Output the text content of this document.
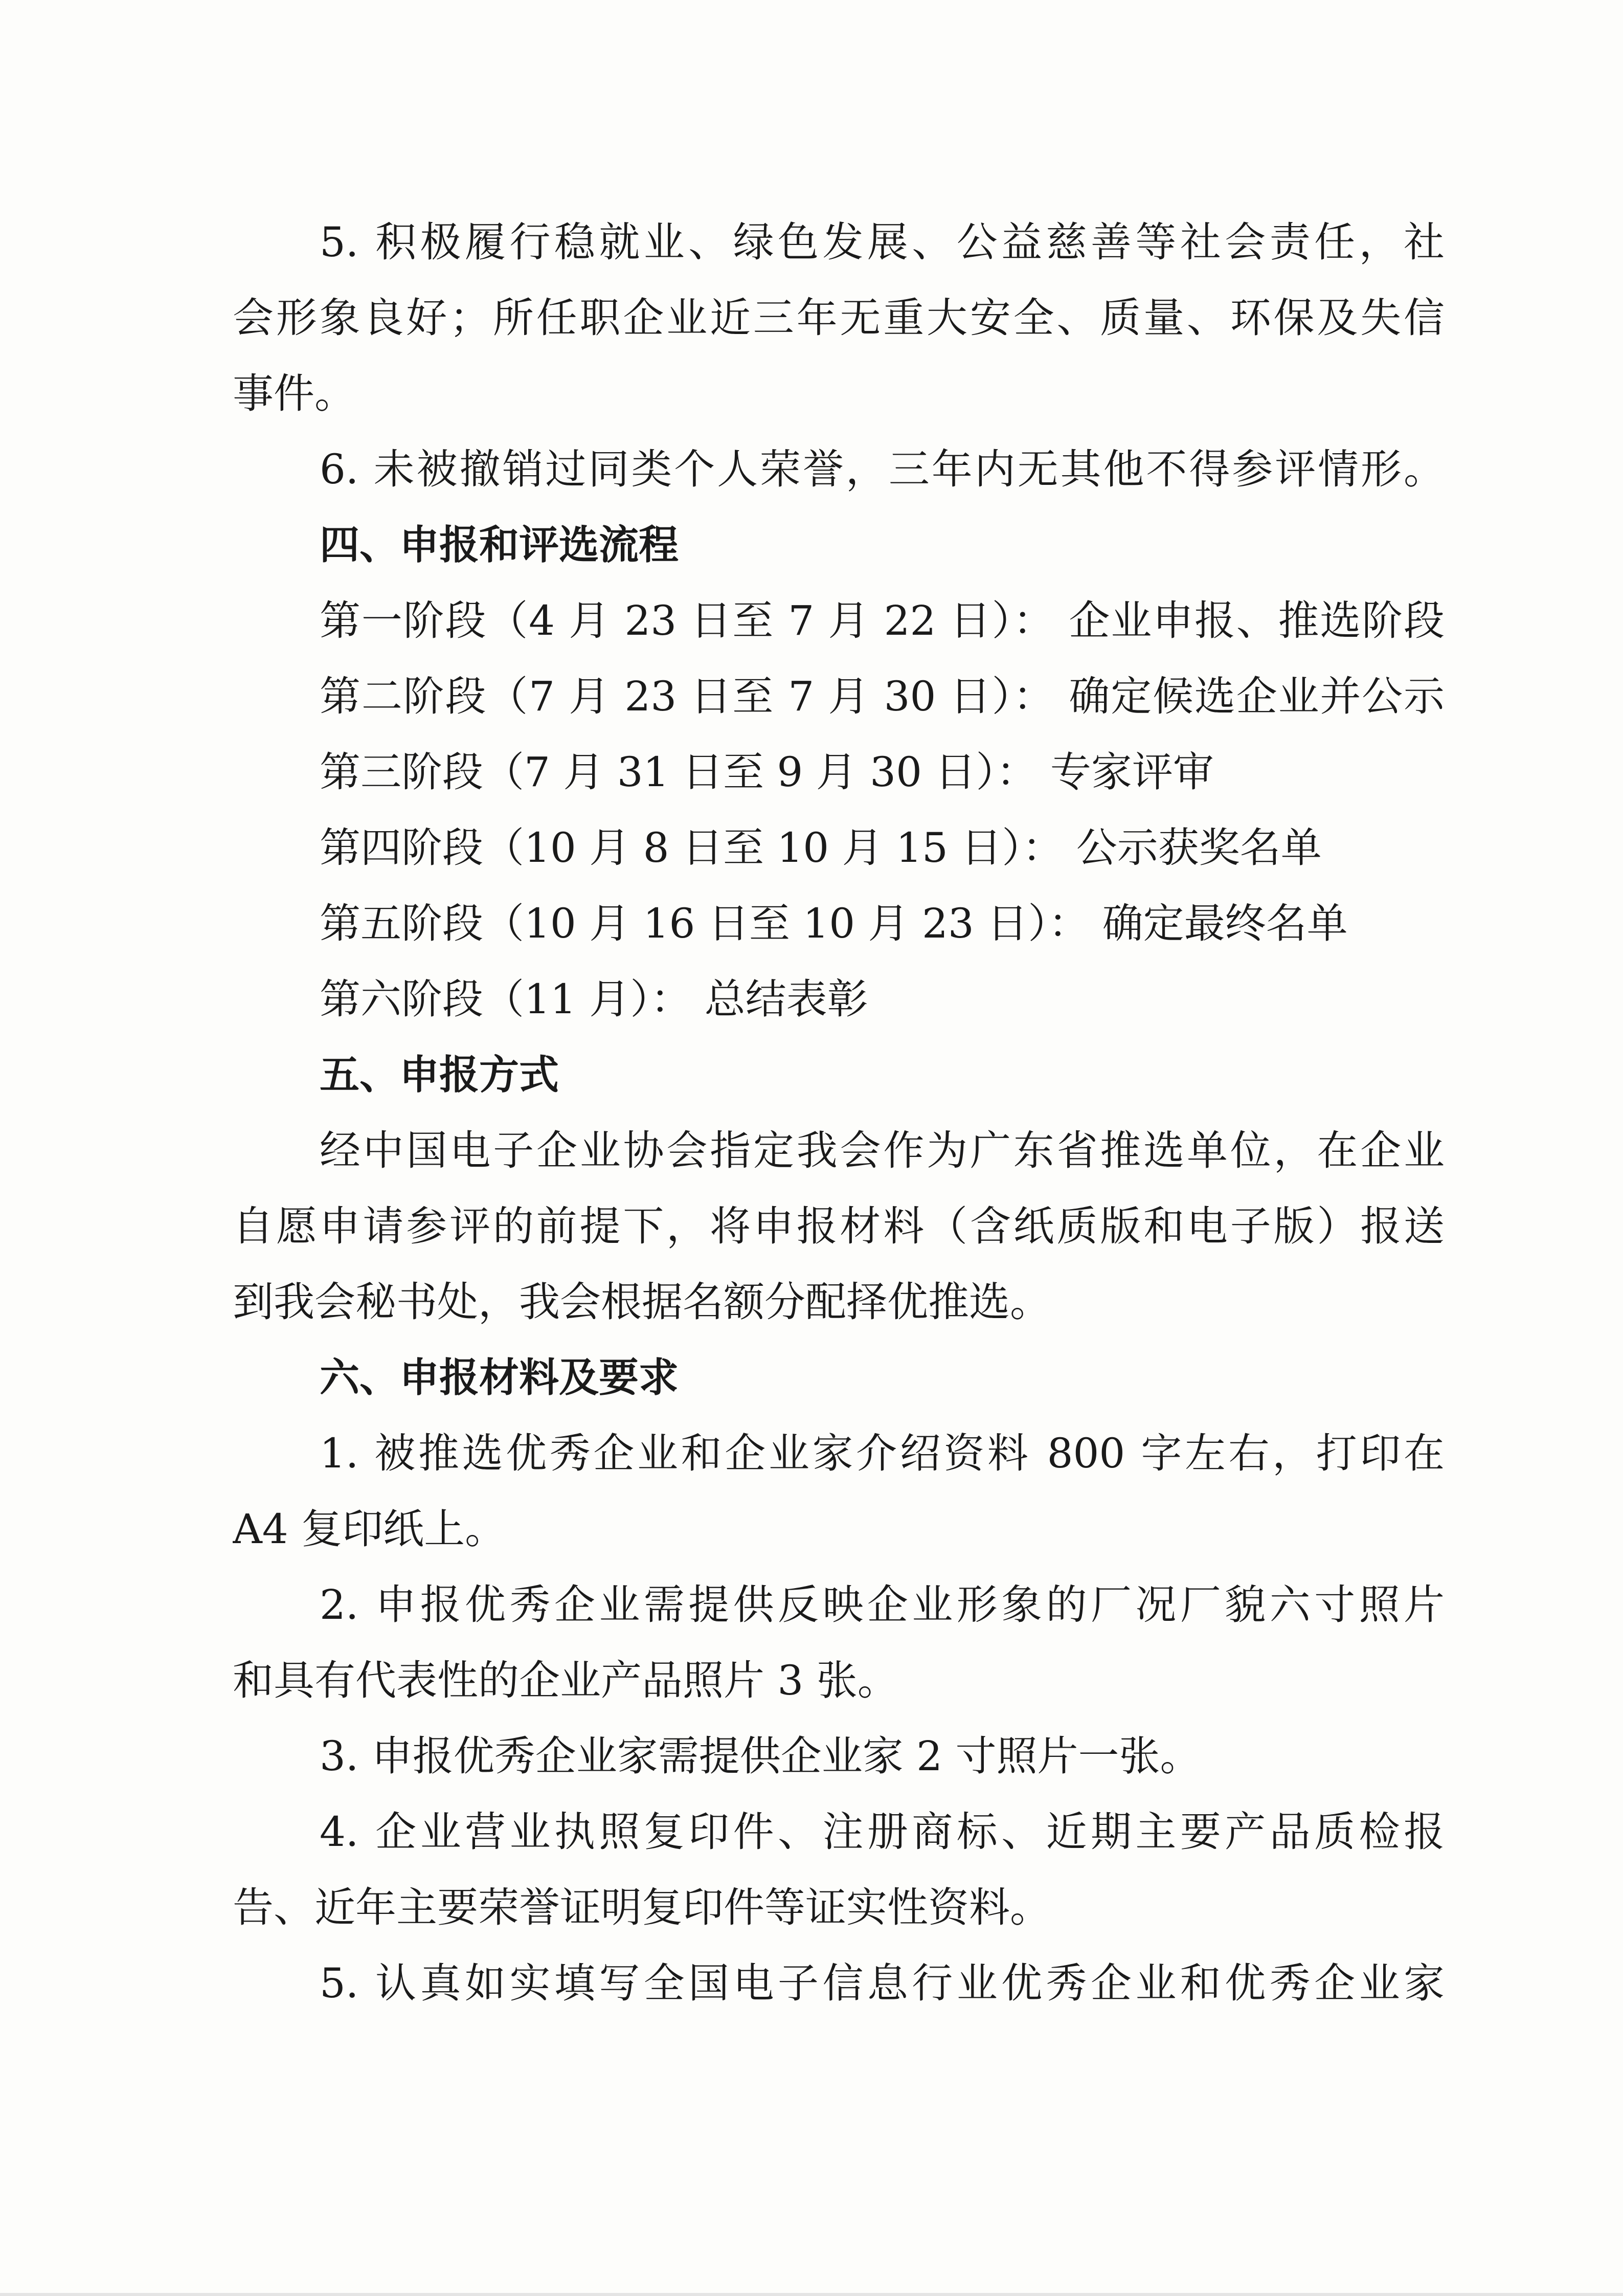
5. 积极履行稳就业、绿色发展、公益慈善等社会责任，社
会形象良好；所任职企业近三年无重大安全、质量、环保及失信
事件。
6. 未被撤销过同类个人荣誉，三年内无其他不得参评情形。
四、申报和评选流程
第一阶段（4 月 23 日至 7 月 22 日）： 企业申报、推选阶段
第二阶段（7 月 23 日至 7 月 30 日）： 确定候选企业并公示
第三阶段（7 月 31 日至 9 月 30 日）： 专家评审
第四阶段（10 月 8 日至 10 月 15 日）： 公示获奖名单
第五阶段（10 月 16 日至 10 月 23 日）： 确定最终名单
第六阶段（11 月）： 总结表彰
五、申报方式
经中国电子企业协会指定我会作为广东省推选单位，在企业
自愿申请参评的前提下，将申报材料（含纸质版和电子版）报送
到我会秘书处，我会根据名额分配择优推选。
六、申报材料及要求
1. 被推选优秀企业和企业家介绍资料 800 字左右，打印在
A4 复印纸上。
2. 申报优秀企业需提供反映企业形象的厂况厂貌六寸照片
和具有代表性的企业产品照片 3 张。
3. 申报优秀企业家需提供企业家 2 寸照片一张。
4. 企业营业执照复印件、注册商标、近期主要产品质检报
告、近年主要荣誉证明复印件等证实性资料。
5. 认真如实填写全国电子信息行业优秀企业和优秀企业家
